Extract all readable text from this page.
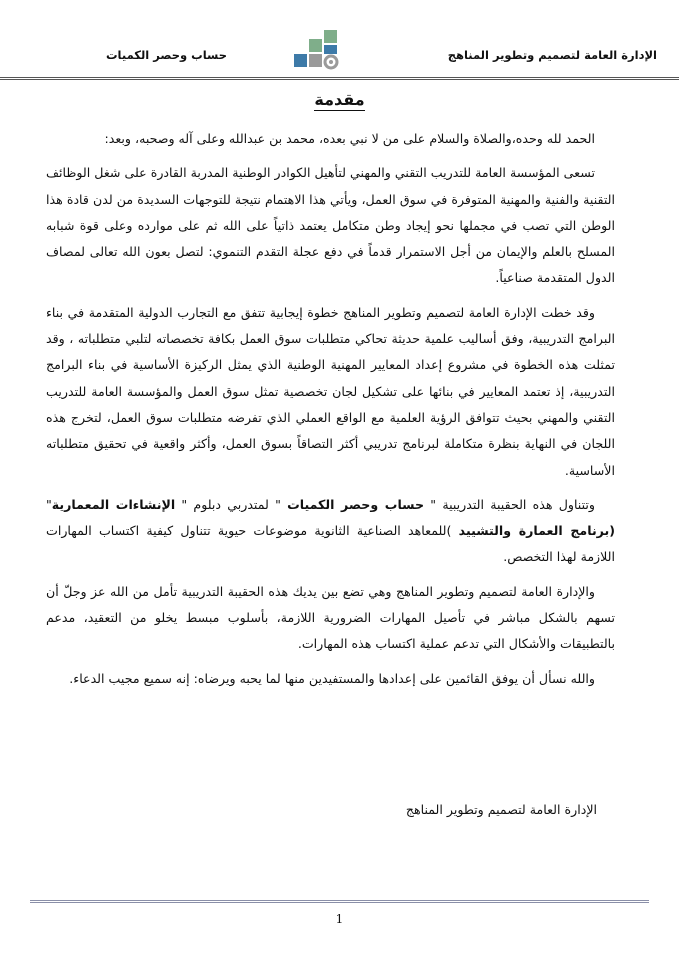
الإدارة العامة لتصميم وتطوير المناهج
حساب وحصر الكميات
مقدمة

الحمد لله وحده،والصلاة والسلام على من لا نبي بعده، محمد بن عبدالله وعلى آله وصحبه، وبعد:

تسعى المؤسسة العامة للتدريب التقني والمهني لتأهيل الكوادر الوطنية المدربة القادرة على شغل الوظائف التقنية والفنية والمهنية المتوفرة في سوق العمل، ويأتي هذا الاهتمام نتيجة للتوجهات السديدة من لدن قادة هذا الوطن التي تصب في مجملها نحو إيجاد وطن متكامل يعتمد ذاتياً على الله ثم على موارده وعلى قوة شبابه المسلح بالعلم والإيمان من أجل الاستمرار قدماً في دفع عجلة التقدم التنموي: لتصل بعون الله تعالى لمصاف الدول المتقدمة صناعياً.

وقد خطت الإدارة العامة لتصميم وتطوير المناهج خطوة إيجابية تتفق مع التجارب الدولية المتقدمة في بناء البرامج التدريبية، وفق أساليب علمية حديثة تحاكي متطلبات سوق العمل بكافة تخصصاته لتلبي متطلباته ، وقد تمثلت هذه الخطوة في مشروع إعداد المعايير المهنية الوطنية الذي يمثل الركيزة الأساسية في بناء البرامج التدريبية، إذ تعتمد المعايير في بنائها على تشكيل لجان تخصصية تمثل سوق العمل والمؤسسة العامة للتدريب التقني والمهني بحيث تتوافق الرؤية العلمية مع الواقع العملي الذي تفرضه متطلبات سوق العمل، لتخرج هذه اللجان في النهاية بنظرة متكاملة لبرنامج تدريبي أكثر التصاقاً بسوق العمل، وأكثر واقعية في تحقيق متطلباته الأساسية.

وتتناول هذه الحقيبة التدريبية " حساب وحصر الكميات " لمتدربي دبلوم " الإنشاءات المعمارية" (برنامج العمارة والتشييد )للمعاهد الصناعية الثانوية موضوعات حيوية تتناول كيفية اكتساب المهارات اللازمة لهذا التخصص.

والإدارة العامة لتصميم وتطوير المناهج وهي تضع بين يديك هذه الحقيبة التدريبية تأمل من الله عز وجلّ أن تسهم بالشكل مباشر في تأصيل المهارات الضرورية اللازمة، بأسلوب مبسط يخلو من التعقيد، مدعم بالتطبيقات والأشكال التي تدعم عملية اكتساب هذه المهارات.

والله نسأل أن يوفق القائمين على إعدادها والمستفيدين منها لما يحبه ويرضاه: إنه سميع مجيب الدعاء.

الإدارة العامة لتصميم وتطوير المناهج
1
